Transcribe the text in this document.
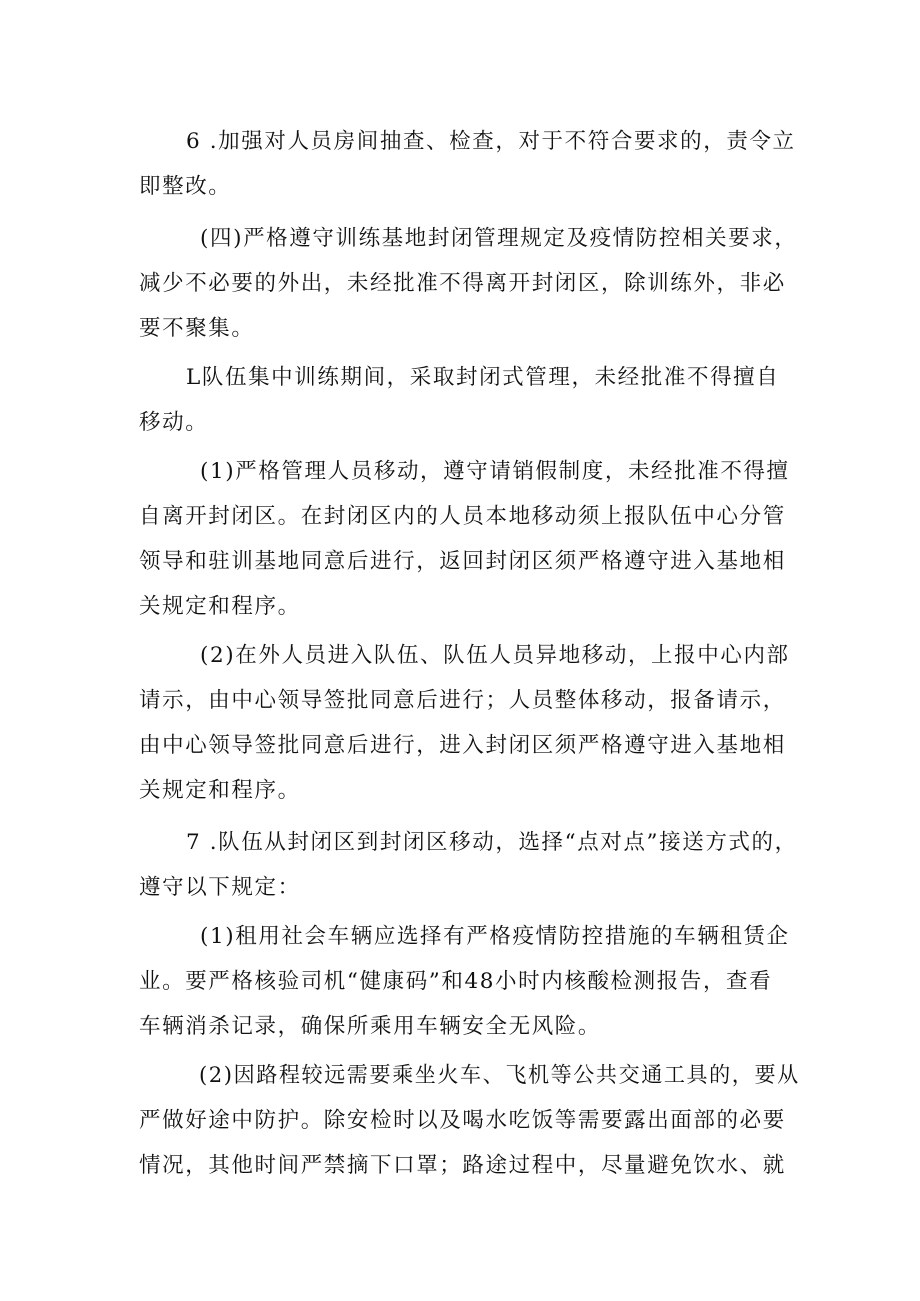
6 .加强对人员房间抽查、检查，对于不符合要求的，责令立
即整改。
(四)严格遵守训练基地封闭管理规定及疫情防控相关要求，
减少不必要的外出，未经批准不得离开封闭区，除训练外，非必
要不聚集。
L队伍集中训练期间，采取封闭式管理，未经批准不得擅自
移动。
(1)严格管理人员移动，遵守请销假制度，未经批准不得擅
自离开封闭区。在封闭区内的人员本地移动须上报队伍中心分管
领导和驻训基地同意后进行，返回封闭区须严格遵守进入基地相
关规定和程序。
(2)在外人员进入队伍、队伍人员异地移动，上报中心内部
请示，由中心领导签批同意后进行；人员整体移动，报备请示，
由中心领导签批同意后进行，进入封闭区须严格遵守进入基地相
关规定和程序。
7 .队伍从封闭区到封闭区移动，选择“点对点”接送方式的，
遵守以下规定：
(1)租用社会车辆应选择有严格疫情防控措施的车辆租赁企
业。要严格核验司机“健康码”和48小时内核酸检测报告，查看
车辆消杀记录，确保所乘用车辆安全无风险。
(2)因路程较远需要乘坐火车、飞机等公共交通工具的，要从
严做好途中防护。除安检时以及喝水吃饭等需要露出面部的必要
情况，其他时间严禁摘下口罩；路途过程中，尽量避免饮水、就
